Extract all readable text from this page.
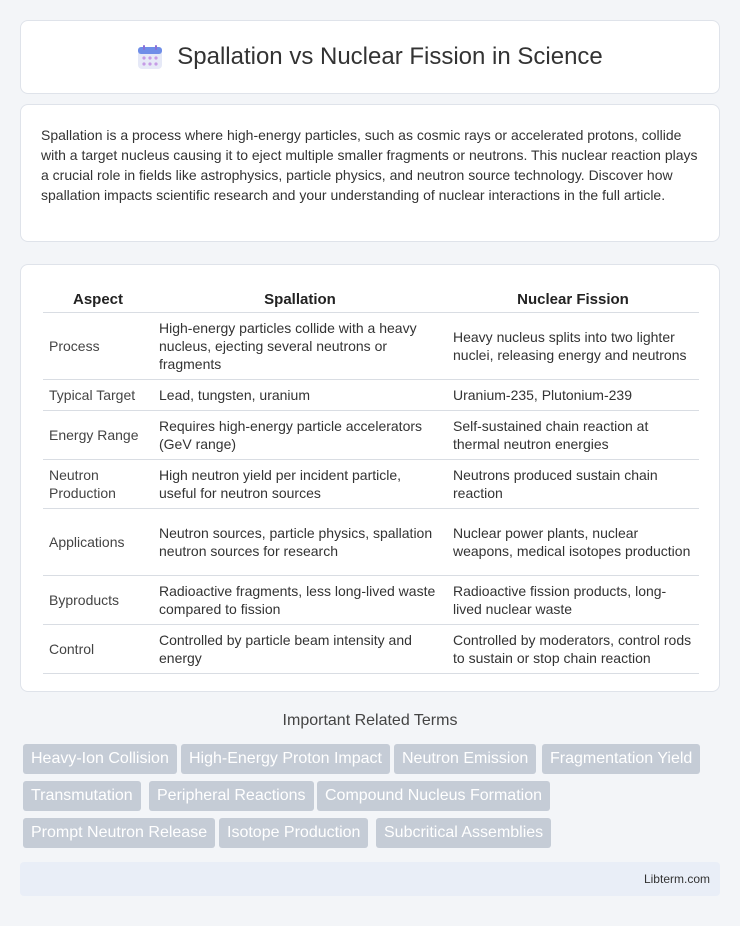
Spallation vs Nuclear Fission in Science

Spallation is a process where high-energy particles, such as cosmic rays or accelerated protons, collide with a target nucleus causing it to eject multiple smaller fragments or neutrons. This nuclear reaction plays a crucial role in fields like astrophysics, particle physics, and neutron source technology. Discover how spallation impacts scientific research and your understanding of nuclear interactions in the full article.

Aspect	Spallation	Nuclear Fission
Process	High-energy particles collide with a heavy nucleus, ejecting several neutrons or fragments	Heavy nucleus splits into two lighter nuclei, releasing energy and neutrons
Typical Target	Lead, tungsten, uranium	Uranium-235, Plutonium-239
Energy Range	Requires high-energy particle accelerators (GeV range)	Self-sustained chain reaction at thermal neutron energies
Neutron Production	High neutron yield per incident particle, useful for neutron sources	Neutrons produced sustain chain reaction
Applications	Neutron sources, particle physics, spallation neutron sources for research	Nuclear power plants, nuclear weapons, medical isotopes production
Byproducts	Radioactive fragments, less long-lived waste compared to fission	Radioactive fission products, long-lived nuclear waste
Control	Controlled by particle beam intensity and energy	Controlled by moderators, control rods to sustain or stop chain reaction
Important Related Terms
Heavy-Ion Collision	High-Energy Proton Impact	Neutron Emission	Fragmentation Yield
Transmutation	Peripheral Reactions	Compound Nucleus Formation
Prompt Neutron Release	Isotope Production	Subcritical Assemblies
Libterm.com
